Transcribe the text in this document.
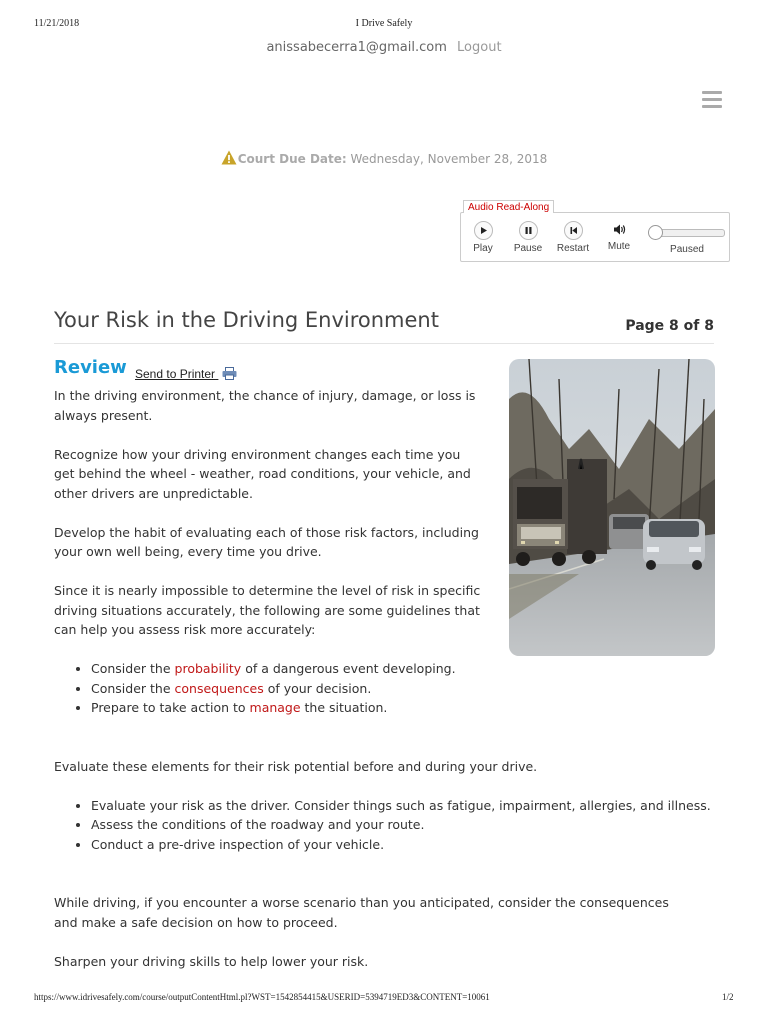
11/21/2018	I Drive Safely
anissabecerra1@gmail.com Logout
Court Due Date: Wednesday, November 28, 2018
Audio Read-Along
Play	Pause	Restart	Mute	Paused
Your Risk in the Driving Environment	Page 8 of 8
Review Send to Printer

In the driving environment, the chance of injury, damage, or loss is always present.

Recognize how your driving environment changes each time you get behind the wheel - weather, road conditions, your vehicle, and other drivers are unpredictable.

Develop the habit of evaluating each of those risk factors, including your own well being, every time you drive.

Since it is nearly impossible to determine the level of risk in specific driving situations accurately, the following are some guidelines that can help you assess risk more accurately:

• Consider the probability of a dangerous event developing.
• Consider the consequences of your decision.
• Prepare to take action to manage the situation.

Evaluate these elements for their risk potential before and during your drive.

• Evaluate your risk as the driver. Consider things such as fatigue, impairment, allergies, and illness.
• Assess the conditions of the roadway and your route.
• Conduct a pre-drive inspection of your vehicle.

While driving, if you encounter a worse scenario than you anticipated, consider the consequences and make a safe decision on how to proceed.

Sharpen your driving skills to help lower your risk.

https://www.idrivesafely.com/course/outputContentHtml.pl?WST=1542854415&USERID=5394719ED3&CONTENT=10061	1/2
